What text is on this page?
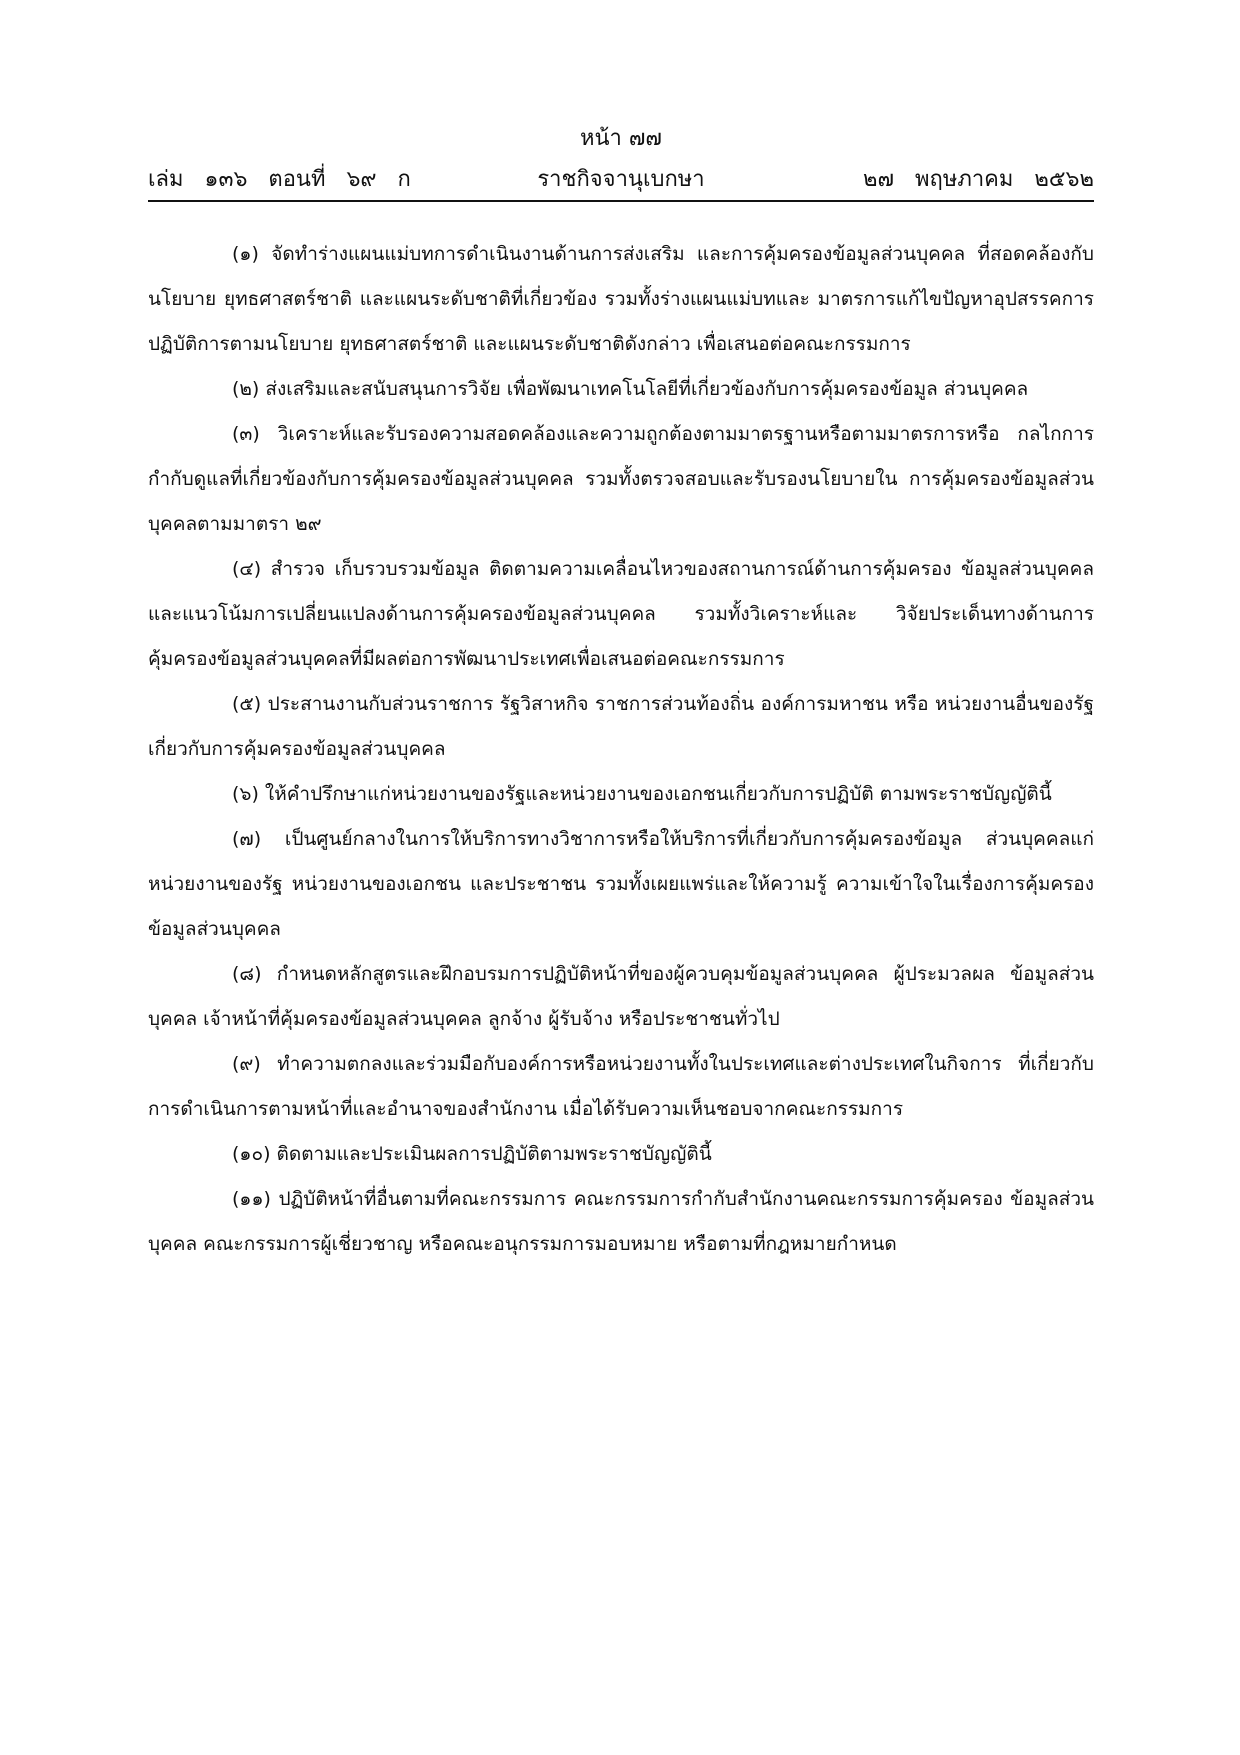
หน้า ๗๗
เล่ม   ๑๓๖   ตอนที่   ๖๙   ก	ราชกิจจานุเบกษา	๒๗   พฤษภาคม   ๒๕๖๒

(๑) จัดทำร่างแผนแม่บทการดำเนินงานด้านการส่งเสริม และการคุ้มครองข้อมูลส่วนบุคคล ที่สอดคล้องกับนโยบาย ยุทธศาสตร์ชาติ และแผนระดับชาติที่เกี่ยวข้อง รวมทั้งร่างแผนแม่บทและ มาตรการแก้ไขปัญหาอุปสรรคการปฏิบัติการตามนโยบาย ยุทธศาสตร์ชาติ และแผนระดับชาติดังกล่าว เพื่อเสนอต่อคณะกรรมการ

(๒) ส่งเสริมและสนับสนุนการวิจัย เพื่อพัฒนาเทคโนโลยีที่เกี่ยวข้องกับการคุ้มครองข้อมูล ส่วนบุคคล

(๓) วิเคราะห์และรับรองความสอดคล้องและความถูกต้องตามมาตรฐานหรือตามมาตรการหรือ กลไกการกำกับดูแลที่เกี่ยวข้องกับการคุ้มครองข้อมูลส่วนบุคคล รวมทั้งตรวจสอบและรับรองนโยบายใน การคุ้มครองข้อมูลส่วนบุคคลตามมาตรา ๒๙

(๔) สำรวจ เก็บรวบรวมข้อมูล ติดตามความเคลื่อนไหวของสถานการณ์ด้านการคุ้มครอง ข้อมูลส่วนบุคคล และแนวโน้มการเปลี่ยนแปลงด้านการคุ้มครองข้อมูลส่วนบุคคล รวมทั้งวิเคราะห์และ วิจัยประเด็นทางด้านการคุ้มครองข้อมูลส่วนบุคคลที่มีผลต่อการพัฒนาประเทศเพื่อเสนอต่อคณะกรรมการ

(๕) ประสานงานกับส่วนราชการ รัฐวิสาหกิจ ราชการส่วนท้องถิ่น องค์การมหาชน หรือ หน่วยงานอื่นของรัฐเกี่ยวกับการคุ้มครองข้อมูลส่วนบุคคล

(๖) ให้คำปรึกษาแก่หน่วยงานของรัฐและหน่วยงานของเอกชนเกี่ยวกับการปฏิบัติ ตามพระราชบัญญัตินี้

(๗) เป็นศูนย์กลางในการให้บริการทางวิชาการหรือให้บริการที่เกี่ยวกับการคุ้มครองข้อมูล ส่วนบุคคลแก่หน่วยงานของรัฐ หน่วยงานของเอกชน และประชาชน รวมทั้งเผยแพร่และให้ความรู้ ความเข้าใจในเรื่องการคุ้มครองข้อมูลส่วนบุคคล

(๘) กำหนดหลักสูตรและฝึกอบรมการปฏิบัติหน้าที่ของผู้ควบคุมข้อมูลส่วนบุคคล ผู้ประมวลผล ข้อมูลส่วนบุคคล เจ้าหน้าที่คุ้มครองข้อมูลส่วนบุคคล ลูกจ้าง ผู้รับจ้าง หรือประชาชนทั่วไป

(๙) ทำความตกลงและร่วมมือกับองค์การหรือหน่วยงานทั้งในประเทศและต่างประเทศในกิจการ ที่เกี่ยวกับการดำเนินการตามหน้าที่และอำนาจของสำนักงาน เมื่อได้รับความเห็นชอบจากคณะกรรมการ

(๑๐) ติดตามและประเมินผลการปฏิบัติตามพระราชบัญญัตินี้

(๑๑) ปฏิบัติหน้าที่อื่นตามที่คณะกรรมการ คณะกรรมการกำกับสำนักงานคณะกรรมการคุ้มครอง ข้อมูลส่วนบุคคล คณะกรรมการผู้เชี่ยวชาญ หรือคณะอนุกรรมการมอบหมาย หรือตามที่กฎหมายกำหนด
